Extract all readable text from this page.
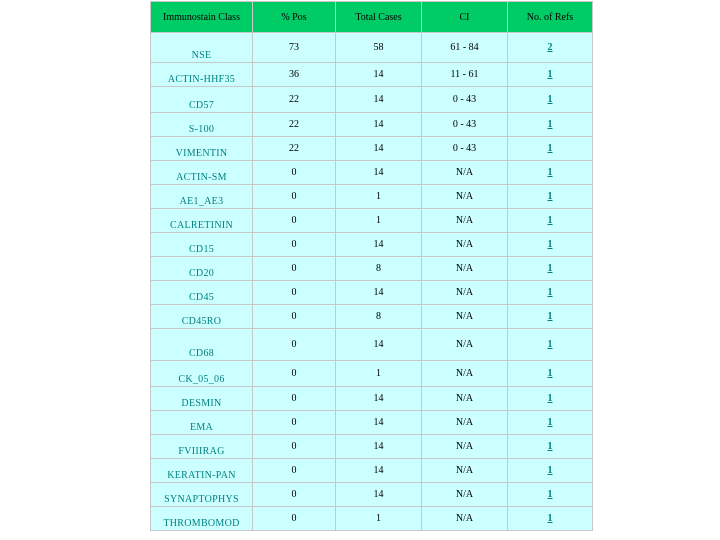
Immunostain Class	% Pos	Total Cases	CI	No. of Refs
NSE	73	58	61 - 84	2
ACTIN-HHF35	36	14	11 - 61	1
CD57	22	14	0 - 43	1
S-100	22	14	0 - 43	1
VIMENTIN	22	14	0 - 43	1
ACTIN-SM	0	14	N/A	1
AE1_AE3	0	1	N/A	1
CALRETININ	0	1	N/A	1
CD15	0	14	N/A	1
CD20	0	8	N/A	1
CD45	0	14	N/A	1
CD45RO	0	8	N/A	1
CD68	0	14	N/A	1
CK_05_06	0	1	N/A	1
DESMIN	0	14	N/A	1
EMA	0	14	N/A	1
FVIIIRAG	0	14	N/A	1
KERATIN-PAN	0	14	N/A	1
SYNAPTOPHYS	0	14	N/A	1
THROMBOMOD	0	1	N/A	1
